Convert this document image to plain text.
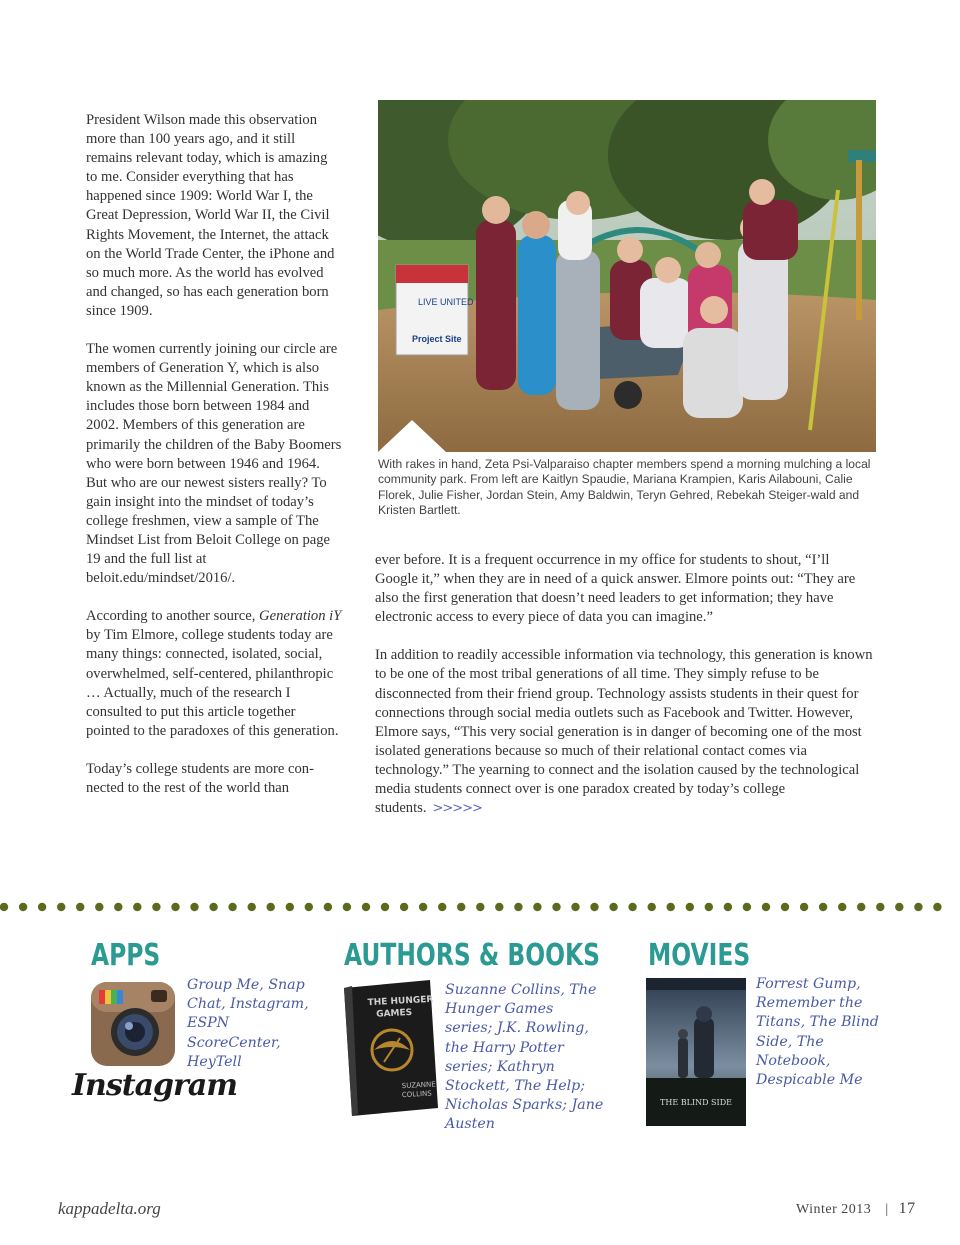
President Wilson made this observation more than 100 years ago, and it still remains relevant today, which is amazing to me. Consider everything that has happened since 1909: World War I, the Great Depression, World War II, the Civil Rights Movement, the Internet, the attack on the World Trade Center, the iPhone and so much more. As the world has evolved and changed, so has each generation born since 1909.

The women currently joining our circle are members of Generation Y, which is also known as the Millennial Generation. This includes those born between 1984 and 2002. Members of this generation are primarily the children of the Baby Boomers who were born between 1946 and 1964. But who are our newest sisters really? To gain insight into the mindset of today’s college freshmen, view a sample of The Mindset List from Beloit College on page 19 and the full list at beloit.edu/mindset/2016/.

According to another source, Generation iY by Tim Elmore, college students today are many things: connected, isolated, social, overwhelmed, self-centered, philanthropic … Actually, much of the research I consulted to put this article together pointed to the paradoxes of this generation.

Today’s college students are more connected to the rest of the world than

LIVE UNITED
Project Site
With rakes in hand, Zeta Psi-Valparaiso chapter members spend a morning mulching a local community park. From left are Kaitlyn Spaudie, Mariana Krampien, Karis Ailabouni, Calie Florek, Julie Fisher, Jordan Stein, Amy Baldwin, Teryn Gehred, Rebekah Steiger-wald and Kristen Bartlett.

ever before. It is a frequent occurrence in my office for students to shout, “I’ll Google it,” when they are in need of a quick answer. Elmore points out: “They are also the first generation that doesn’t need leaders to get information; they have electronic access to every piece of data you can imagine.”

In addition to readily accessible information via technology, this generation is known to be one of the most tribal generations of all time. They simply refuse to be disconnected from their friend group. Technology assists students in their quest for connections through social media outlets such as Facebook and Twitter. However, Elmore says, “This very social generation is in danger of becoming one of the most isolated generations because so much of their relational contact comes via technology.” The yearning to connect and the isolation caused by the technological media students connect over is one paradox created by today’s college students. >>>>>

APPS
Instagram
Group Me, Snap Chat, Instagram, ESPN ScoreCenter, HeyTell
AUTHORS & BOOKS
THE HUNGER
GAMES
SUZANNE
COLLINS
Suzanne Collins, The Hunger Games series; J.K. Rowling, the Harry Potter series; Kathryn Stockett, The Help; Nicholas Sparks; Jane Austen
MOVIES
THE BLIND SIDE
Forrest Gump, Remember the Titans, The Blind Side, The Notebook, Despicable Me
kappadelta.org	Winter 2013 | 17
